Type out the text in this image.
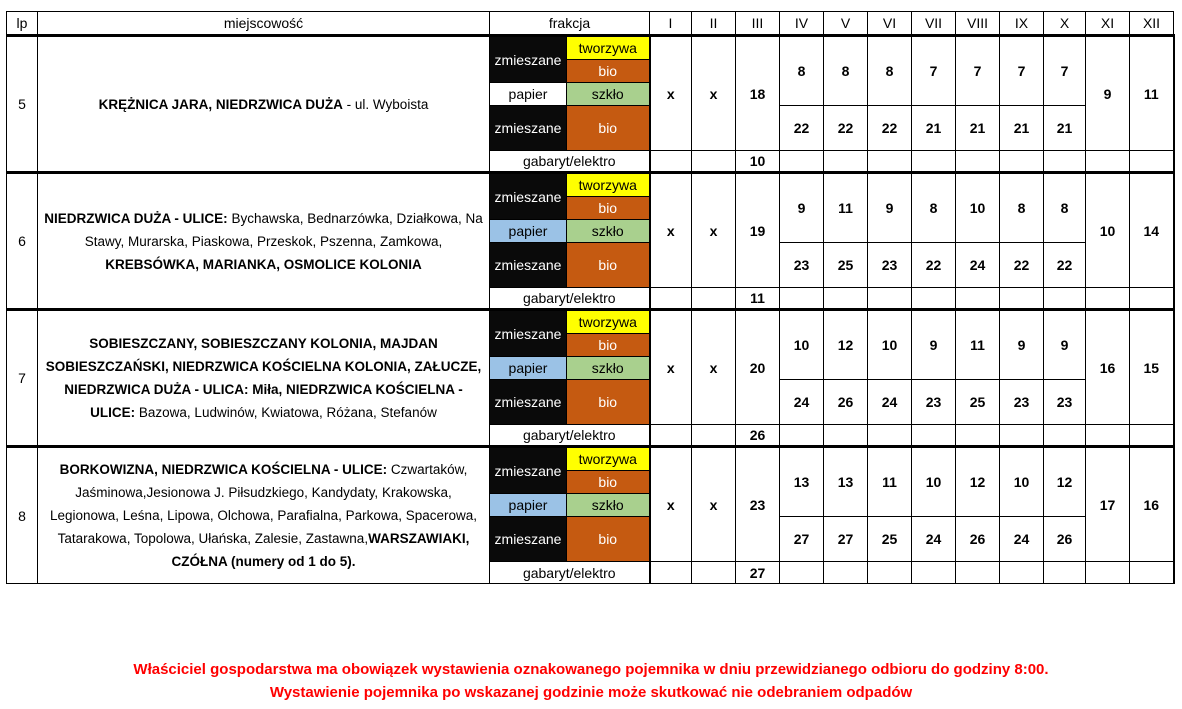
lp	miejscowość	frakcja		I	II	III	IV	V	VI	VII	VIII	IX	X	XI	XII
5	KRĘŻNICA JARA, NIEDRZWICA DUŻA - ul. Wyboista	zmieszane	tworzywa	x	x	18	8	8	8	7	7	7	7	9	11
			bio												
		papier	szkło												
		zmieszane	bio				22	22	22	21	21	21	21		

		gabaryt/elektro				10									
6	NIEDRZWICA DUŻA - ULICE: Bychawska, Bednarzówka, Działkowa, Na Stawy, Murarska, Piaskowa, Przeskok, Pszenna, Zamkowa, KREBSÓWKA, MARIANKA, OSMOLICE KOLONIA	zmieszane	tworzywa	x	x	19	9	11	9	8	10	8	8	10	14
			bio												
		papier	szkło												
		zmieszane	bio				23	25	23	22	24	22	22		

		gabaryt/elektro				11									
7	SOBIESZCZANY, SOBIESZCZANY KOLONIA, MAJDAN SOBIESZCZAŃSKI, NIEDRZWICA KOŚCIELNA KOLONIA, ZAŁUCZE, NIEDRZWICA DUŻA - ULICA: Miła, NIEDRZWICA KOŚCIELNA - ULICE: Bazowa, Ludwinów, Kwiatowa, Różana, Stefanów	zmieszane	tworzywa	x	x	20	10	12	10	9	11	9	9	16	15
			bio												
		papier	szkło												
		zmieszane	bio				24	26	24	23	25	23	23		

		gabaryt/elektro				26									
8	BORKOWIZNA, NIEDRZWICA KOŚCIELNA - ULICE: Czwartaków, Jaśminowa,Jesionowa J. Piłsudzkiego, Kandydaty, Krakowska, Legionowa, Leśna, Lipowa, Olchowa, Parafialna, Parkowa, Spacerowa, Tatarakowa, Topolowa, Ułańska, Zalesie, Zastawna,WARSZAWIAKI, CZÓŁNA (numery od 1 do 5).	zmieszane	tworzywa	x	x	23	13	13	11	10	12	10	12	17	16
			bio												
		papier	szkło												
		zmieszane	bio				27	27	25	24	26	24	26		

		gabaryt/elektro				27									
Właściciel gospodarstwa ma obowiązek wystawienia oznakowanego pojemnika w dniu przewidzianego odbioru do godziny 8:00.
Wystawienie pojemnika po wskazanej godzinie może skutkować nie odebraniem odpadów
